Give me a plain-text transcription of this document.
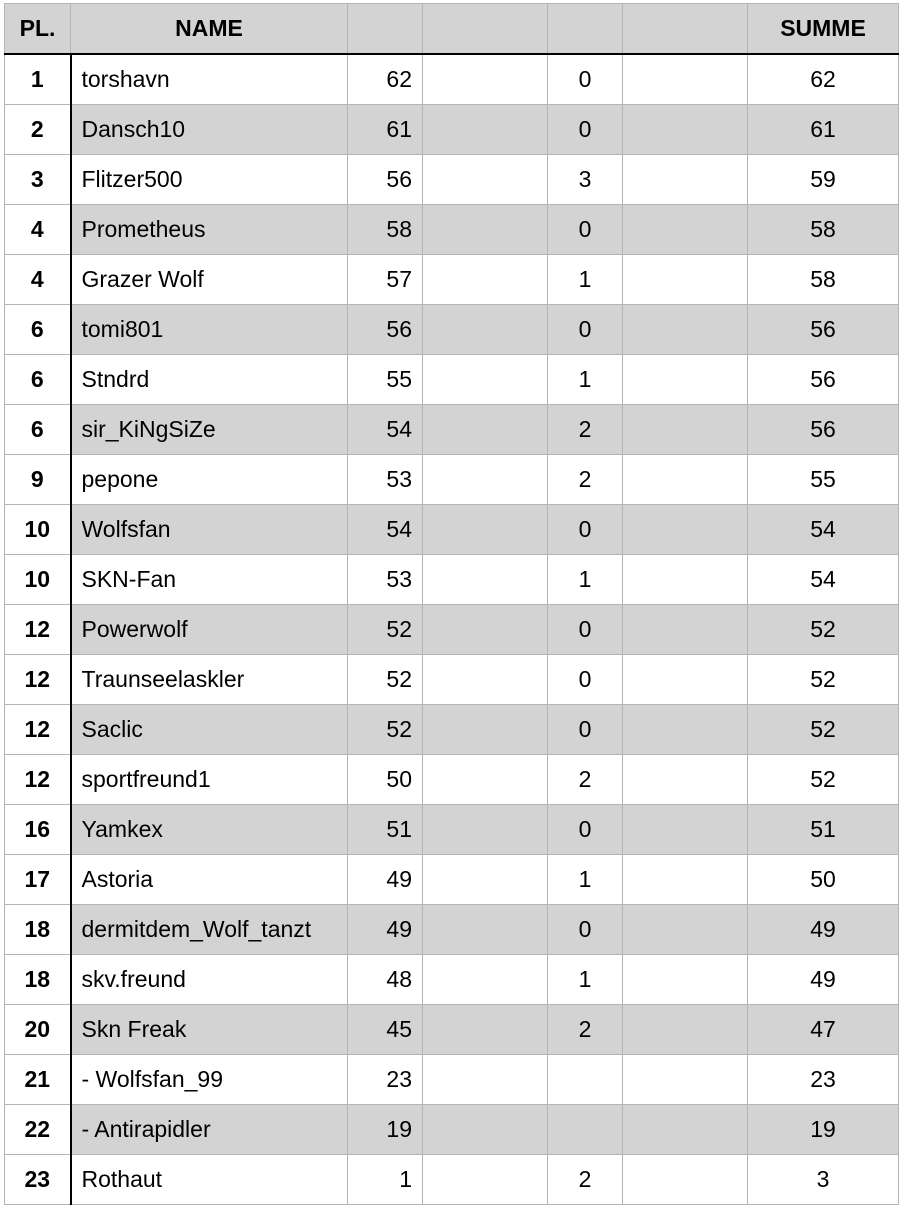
PL.	NAME					SUMME
1	torshavn	62		0		62
2	Dansch10	61		0		61
3	Flitzer500	56		3		59
4	Prometheus	58		0		58
4	Grazer Wolf	57		1		58
6	tomi801	56		0		56
6	Stndrd	55		1		56
6	sir_KiNgSiZe	54		2		56
9	pepone	53		2		55
10	Wolfsfan	54		0		54
10	SKN-Fan	53		1		54
12	Powerwolf	52		0		52
12	Traunseelaskler	52		0		52
12	Saclic	52		0		52
12	sportfreund1	50		2		52
16	Yamkex	51		0		51
17	Astoria	49		1		50
18	dermitdem_Wolf_tanzt	49		0		49
18	skv.freund	48		1		49
20	Skn Freak	45		2		47
21	- Wolfsfan_99	23				23
22	- Antirapidler	19				19
23	Rothaut	1		2		3
